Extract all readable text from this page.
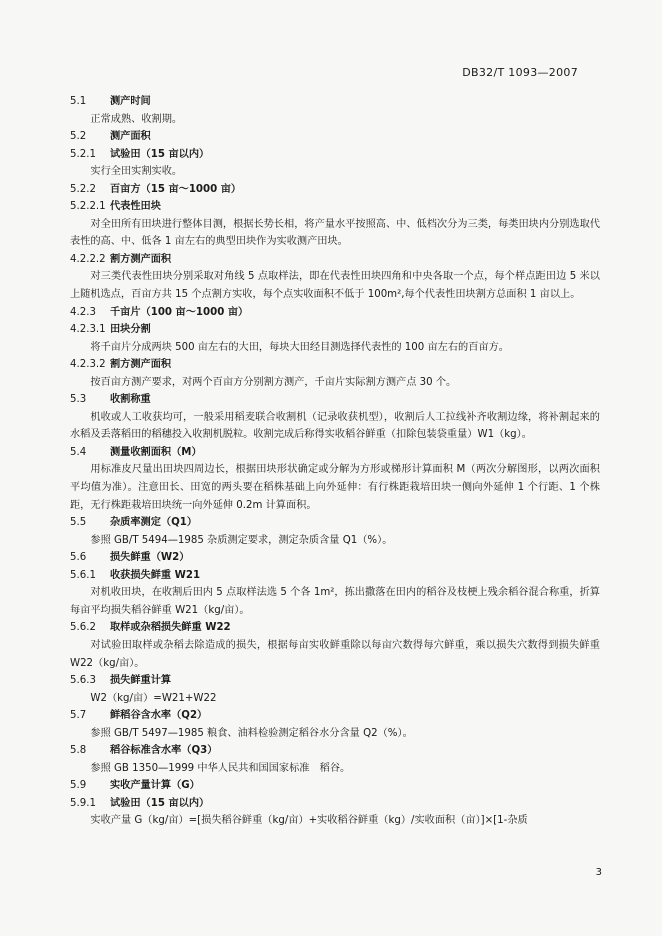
DB32/T 1093—2007
5.1 测产时间
正常成熟、收割期。
5.2 测产面积
5.2.1 试验田（15 亩以内）
实行全田实割实收。
5.2.2 百亩方（15 亩～1000 亩）
5.2.2.1 代表性田块
对全田所有田块进行整体目测，根据长势长相，将产量水平按照高、中、低档次分为三类，每类田块内分别选取代表性的高、中、低各 1 亩左右的典型田块作为实收测产田块。
4.2.2.2 割方测产面积
对三类代表性田块分别采取对角线 5 点取样法，即在代表性田块四角和中央各取一个点，每个样点距田边 5 米以上随机选点，百亩方共 15 个点割方实收，每个点实收面积不低于 100m²,每个代表性田块割方总面积 1 亩以上。
4.2.3 千亩片（100 亩～1000 亩）
4.2.3.1 田块分割
将千亩片分成两块 500 亩左右的大田，每块大田经目测选择代表性的 100 亩左右的百亩方。
4.2.3.2 割方测产面积
按百亩方测产要求，对两个百亩方分别割方测产，千亩片实际割方测产点 30 个。
5.3 收割称重
机收或人工收获均可，一般采用稻麦联合收割机（记录收获机型），收割后人工拉线补齐收割边缘，将补割起来的水稻及丢落稻田的稻穗投入收割机脱粒。收割完成后称得实收稻谷鲜重（扣除包装袋重量）W1（kg）。
5.4 测量收割面积（M）
用标准皮尺量出田块四周边长，根据田块形状确定或分解为方形或梯形计算面积 M（两次分解图形，以两次面积平均值为准）。注意田长、田宽的两头要在稻株基础上向外延伸：有行株距栽培田块一侧向外延伸 1 个行距、1 个株距，无行株距栽培田块统一向外延伸 0.2m 计算面积。
5.5 杂质率测定（Q1）
参照 GB/T 5494—1985 杂质测定要求，测定杂质含量 Q1（%）。
5.6 损失鲜重（W2）
5.6.1 收获损失鲜重 W21
对机收田块，在收割后田内 5 点取样法选 5 个各 1m²，拣出撒落在田内的稻谷及枝梗上残余稻谷混合称重，折算每亩平均损失稻谷鲜重 W21（kg/亩）。
5.6.2 取样或杂稻损失鲜重 W22
对试验田取样或杂稻去除造成的损失，根据每亩实收鲜重除以每亩穴数得每穴鲜重，乘以损失穴数得到损失鲜重 W22（kg/亩）。
5.6.3 损失鲜重计算
W2（kg/亩）=W21+W22
5.7 鲜稻谷含水率（Q2）
参照 GB/T 5497—1985 粮食、油料检验测定稻谷水分含量 Q2（%）。
5.8 稻谷标准含水率（Q3）
参照 GB 1350—1999 中华人民共和国国家标准　稻谷。
5.9 实收产量计算（G）
5.9.1 试验田（15 亩以内）
实收产量 G（kg/亩）=[损失稻谷鲜重（kg/亩）+实收稻谷鲜重（kg）/实收面积（亩）]×[1-杂质
3
